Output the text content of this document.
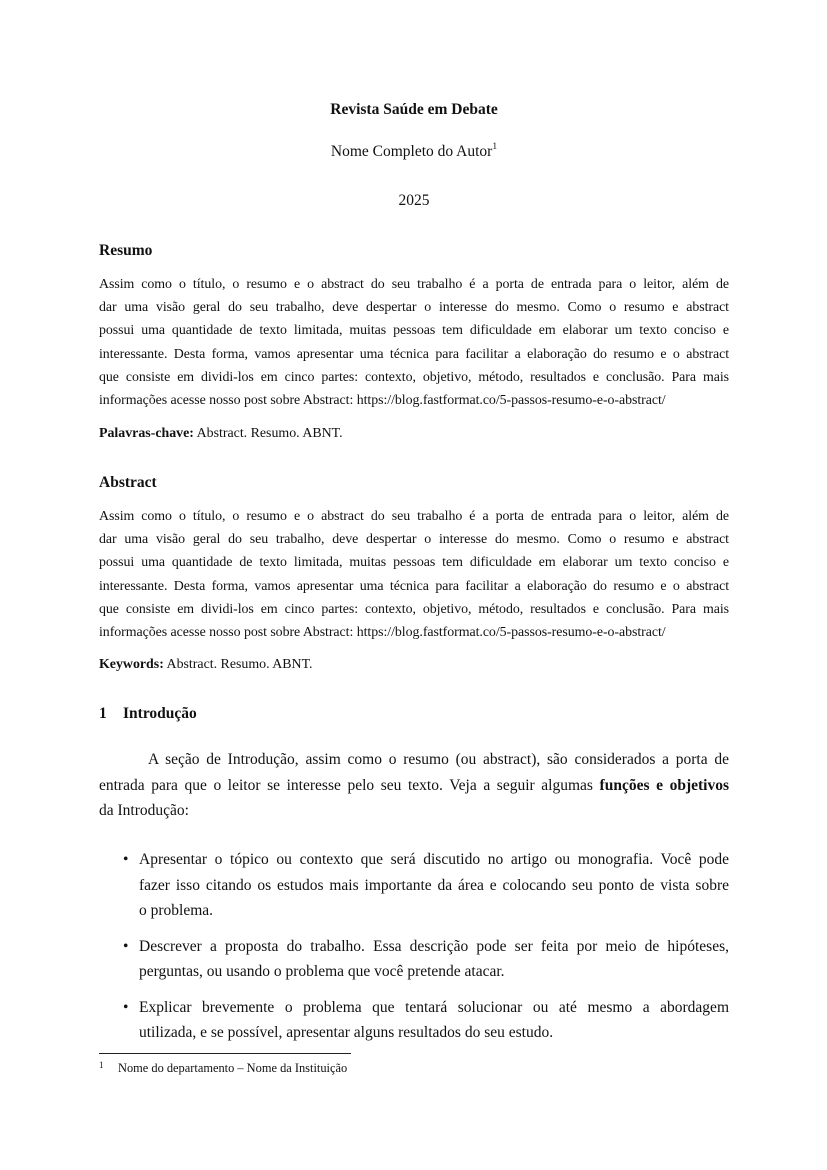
Revista Saúde em Debate
Nome Completo do Autor$^1$
2025
Resumo
Assim como o título, o resumo e o abstract do seu trabalho é a porta de entrada para o leitor, além de
dar uma visão geral do seu trabalho, deve despertar o interesse do mesmo. Como o resumo e abstract
possui uma quantidade de texto limitada, muitas pessoas tem dificuldade em elaborar um texto conciso e
interessante. Desta forma, vamos apresentar uma técnica para facilitar a elaboração do resumo e o abstract
que consiste em dividi-los em cinco partes: contexto, objetivo, método, resultados e conclusão. Para mais
informações acesse nosso post sobre Abstract: https://blog.fastformat.co/5-passos-resumo-e-o-abstract/
Palavras-chave: Abstract. Resumo. ABNT.
Abstract
Assim como o título, o resumo e o abstract do seu trabalho é a porta de entrada para o leitor, além de
dar uma visão geral do seu trabalho, deve despertar o interesse do mesmo. Como o resumo e abstract
possui uma quantidade de texto limitada, muitas pessoas tem dificuldade em elaborar um texto conciso e
interessante. Desta forma, vamos apresentar uma técnica para facilitar a elaboração do resumo e o abstract
que consiste em dividi-los em cinco partes: contexto, objetivo, método, resultados e conclusão. Para mais
informações acesse nosso post sobre Abstract: https://blog.fastformat.co/5-passos-resumo-e-o-abstract/
Keywords: Abstract. Resumo. ABNT.
1 Introdução
A seção de Introdução, assim como o resumo (ou abstract), são considerados a porta de
entrada para que o leitor se interesse pelo seu texto. Veja a seguir algumas funções e objetivos
da Introdução:
• Apresentar o tópico ou contexto que será discutido no artigo ou monografia. Você pode
fazer isso citando os estudos mais importante da área e colocando seu ponto de vista sobre
o problema.
• Descrever a proposta do trabalho. Essa descrição pode ser feita por meio de hipóteses,
perguntas, ou usando o problema que você pretende atacar.
• Explicar brevemente o problema que tentará solucionar ou até mesmo a abordagem
utilizada, e se possível, apresentar alguns resultados do seu estudo.
1 Nome do departamento – Nome da Instituição
